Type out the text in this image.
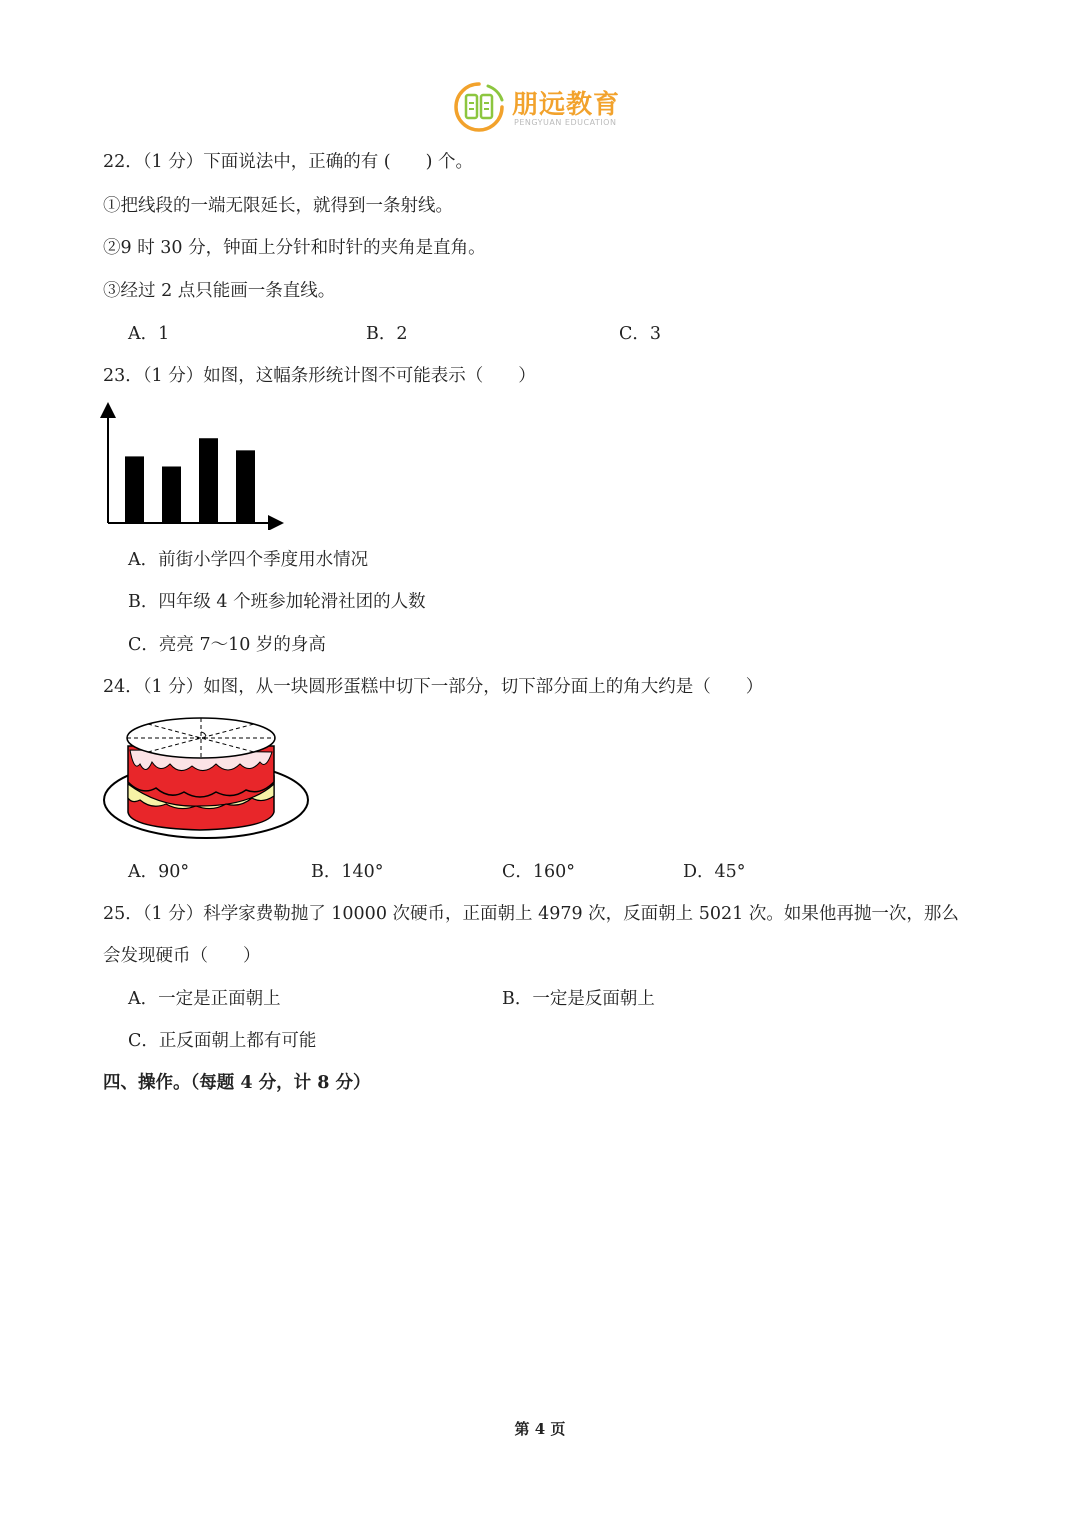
朋远教育
PENGYUAN EDUCATION
22．（1 分）下面说法中，正确的有 (　　) 个。
①把线段的一端无限延长，就得到一条射线。
②9 时 30 分，钟面上分针和时针的夹角是直角。
③经过 2 点只能画一条直线。
A．1	B．2	C．3
23．（1 分）如图，这幅条形统计图不可能表示（　　）
A．前街小学四个季度用水情况
B．四年级 4 个班参加轮滑社团的人数
C．亮亮 7～10 岁的身高
24．（1 分）如图，从一块圆形蛋糕中切下一部分，切下部分面上的角大约是（　　）
A．90°	B．140°	C．160°	D．45°
25．（1 分）科学家费勒抛了 10000 次硬币，正面朝上 4979 次，反面朝上 5021 次。如果他再抛一次，那么
会发现硬币（　　）
A．一定是正面朝上	B．一定是反面朝上
C．正反面朝上都有可能
四、操作。（每题 4 分，计 8 分）
第 4 页
